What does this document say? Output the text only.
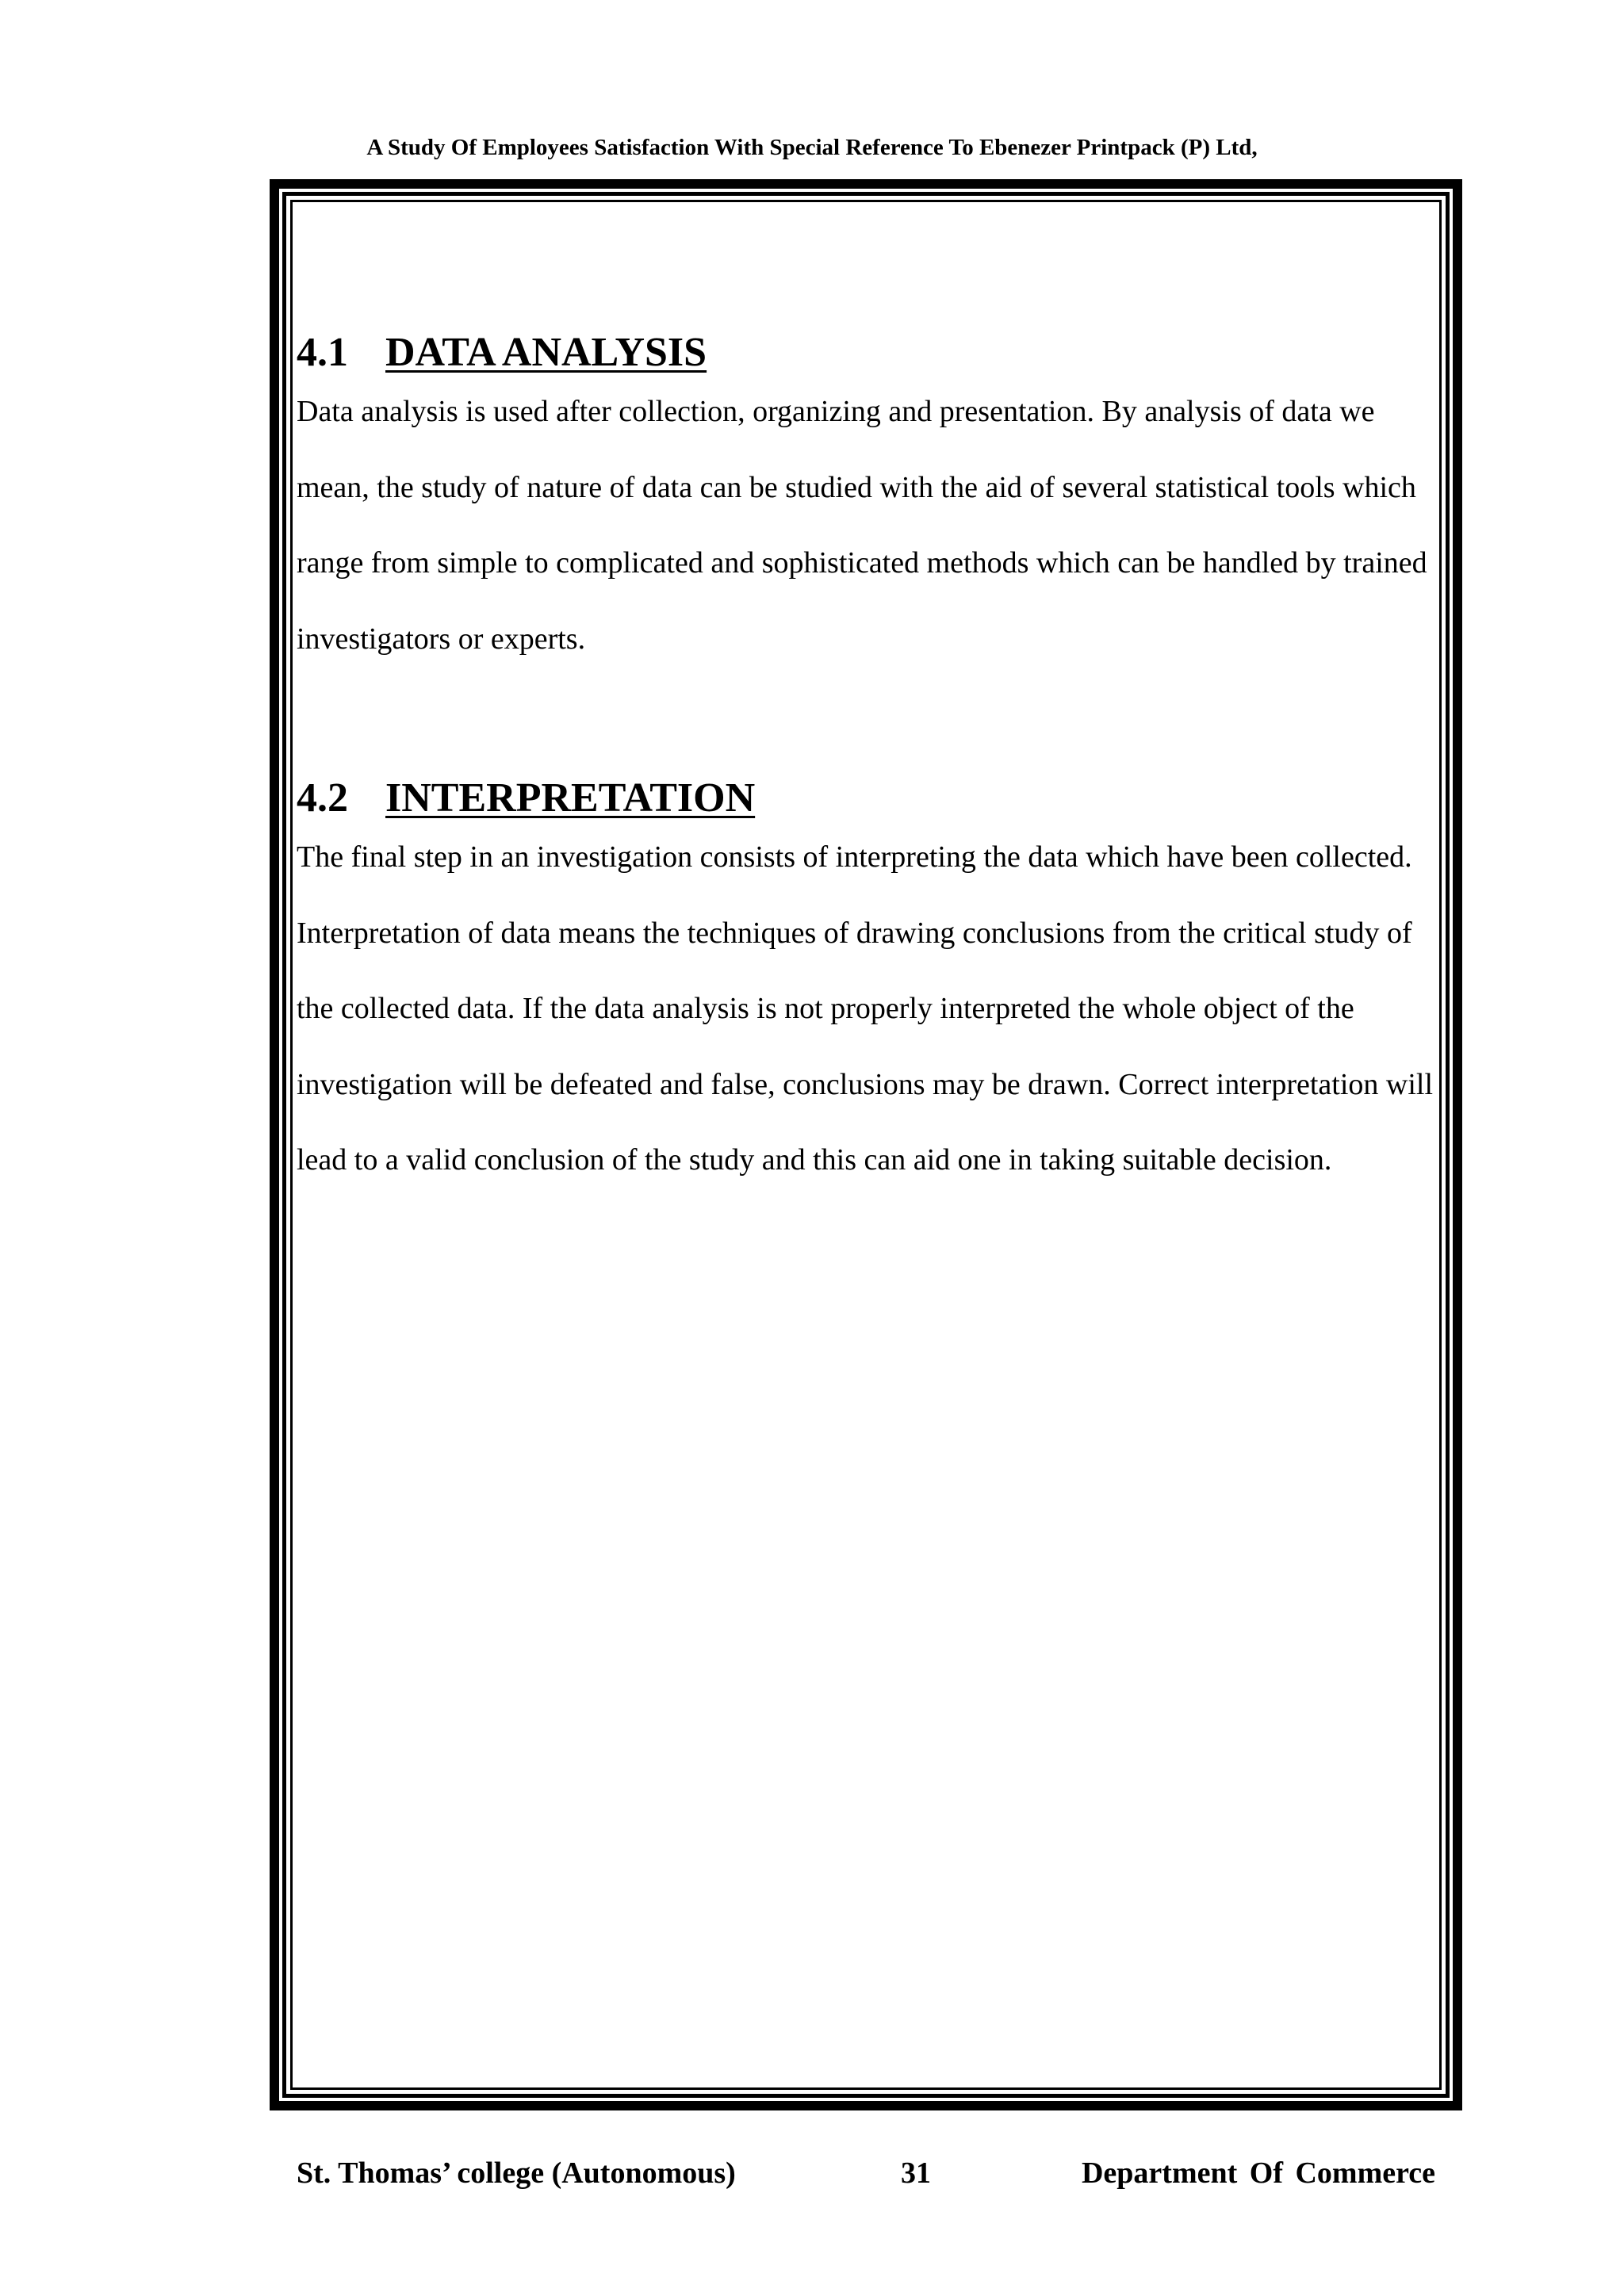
A Study Of Employees Satisfaction With Special Reference To Ebenezer Printpack (P) Ltd,
4.1 DATA ANALYSIS

Data analysis is used after collection, organizing and presentation. By analysis of data we mean, the study of nature of data can be studied with the aid of several statistical tools which range from simple to complicated and sophisticated methods which can be handled by trained investigators or experts.

4.2 INTERPRETATION

The final step in an investigation consists of interpreting the data which have been collected. Interpretation of data means the techniques of drawing conclusions from the critical study of the collected data. If the data analysis is not properly interpreted the whole object of the investigation will be defeated and false, conclusions may be drawn. Correct interpretation will lead to a valid conclusion of the study and this can aid one in taking suitable decision.

St. Thomas’ college (Autonomous)	31	Department Of Commerce
